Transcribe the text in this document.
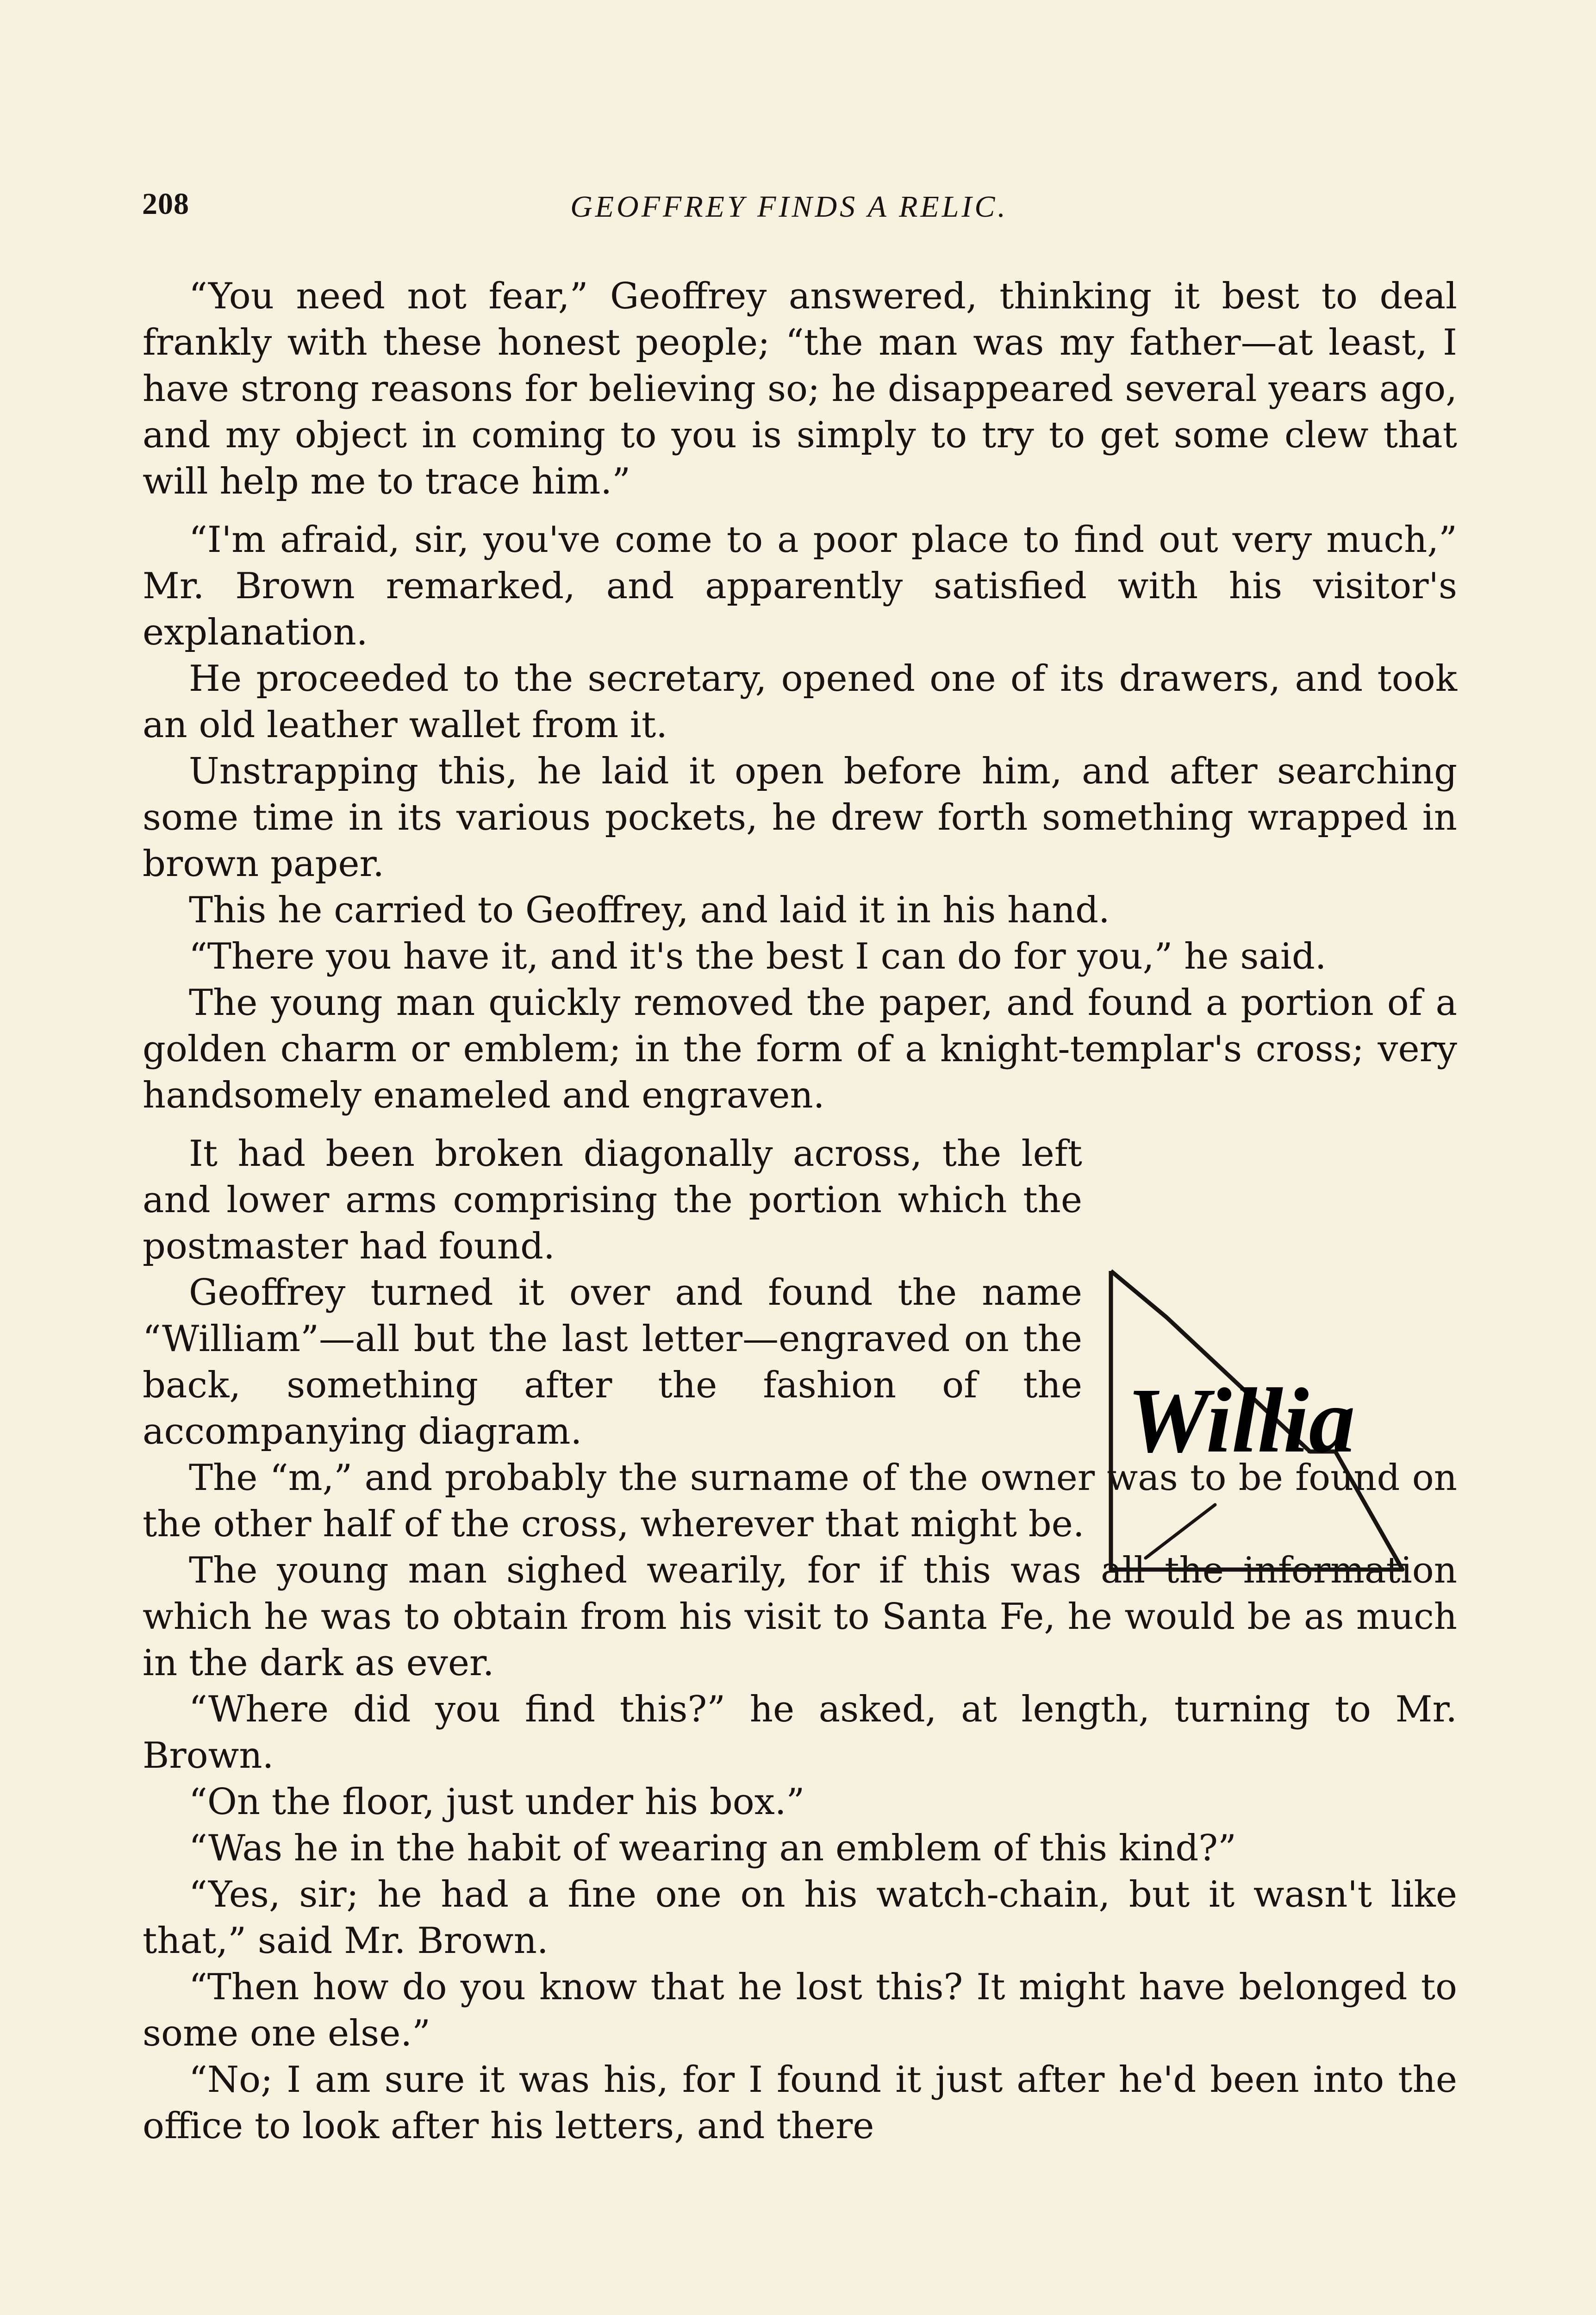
208	GEOFFREY FINDS A RELIC.

“You need not fear,” Geoffrey answered, thinking it best to deal frankly with these honest people; “the man was my father—at least, I have strong reasons for believing so; he disappeared several years ago, and my object in coming to you is simply to try to get some clew that will help me to trace him.”

“I'm afraid, sir, you've come to a poor place to find out very much,” Mr. Brown remarked, and apparently satisfied with his visitor's explanation.

He proceeded to the secretary, opened one of its drawers, and took an old leather wallet from it.

Unstrapping this, he laid it open before him, and after searching some time in its various pockets, he drew forth something wrapped in brown paper.

This he carried to Geoffrey, and laid it in his hand.

“There you have it, and it's the best I can do for you,” he said.

The young man quickly removed the paper, and found a portion of a golden charm or emblem; in the form of a knight-templar's cross; very handsomely enameled and engraven.

It had been broken diagonally across, the left and lower arms comprising the portion which the postmaster had found.

Geoffrey turned it over and found the name “William”—all but the last letter—engraved on the back, something after the fashion of the accompanying diagram.

The “m,” and probably the surname of the owner was to be found on the other half of the cross, wherever that might be.

The young man sighed wearily, for if this was all the information which he was to obtain from his visit to Santa Fe, he would be as much in the dark as ever.

“Where did you find this?” he asked, at length, turning to Mr. Brown.

“On the floor, just under his box.”

“Was he in the habit of wearing an emblem of this kind?”

“Yes, sir; he had a fine one on his watch-chain, but it wasn't like that,” said Mr. Brown.

“Then how do you know that he lost this? It might have belonged to some one else.”

“No; I am sure it was his, for I found it just after he'd been into the office to look after his letters, and there

Willia
